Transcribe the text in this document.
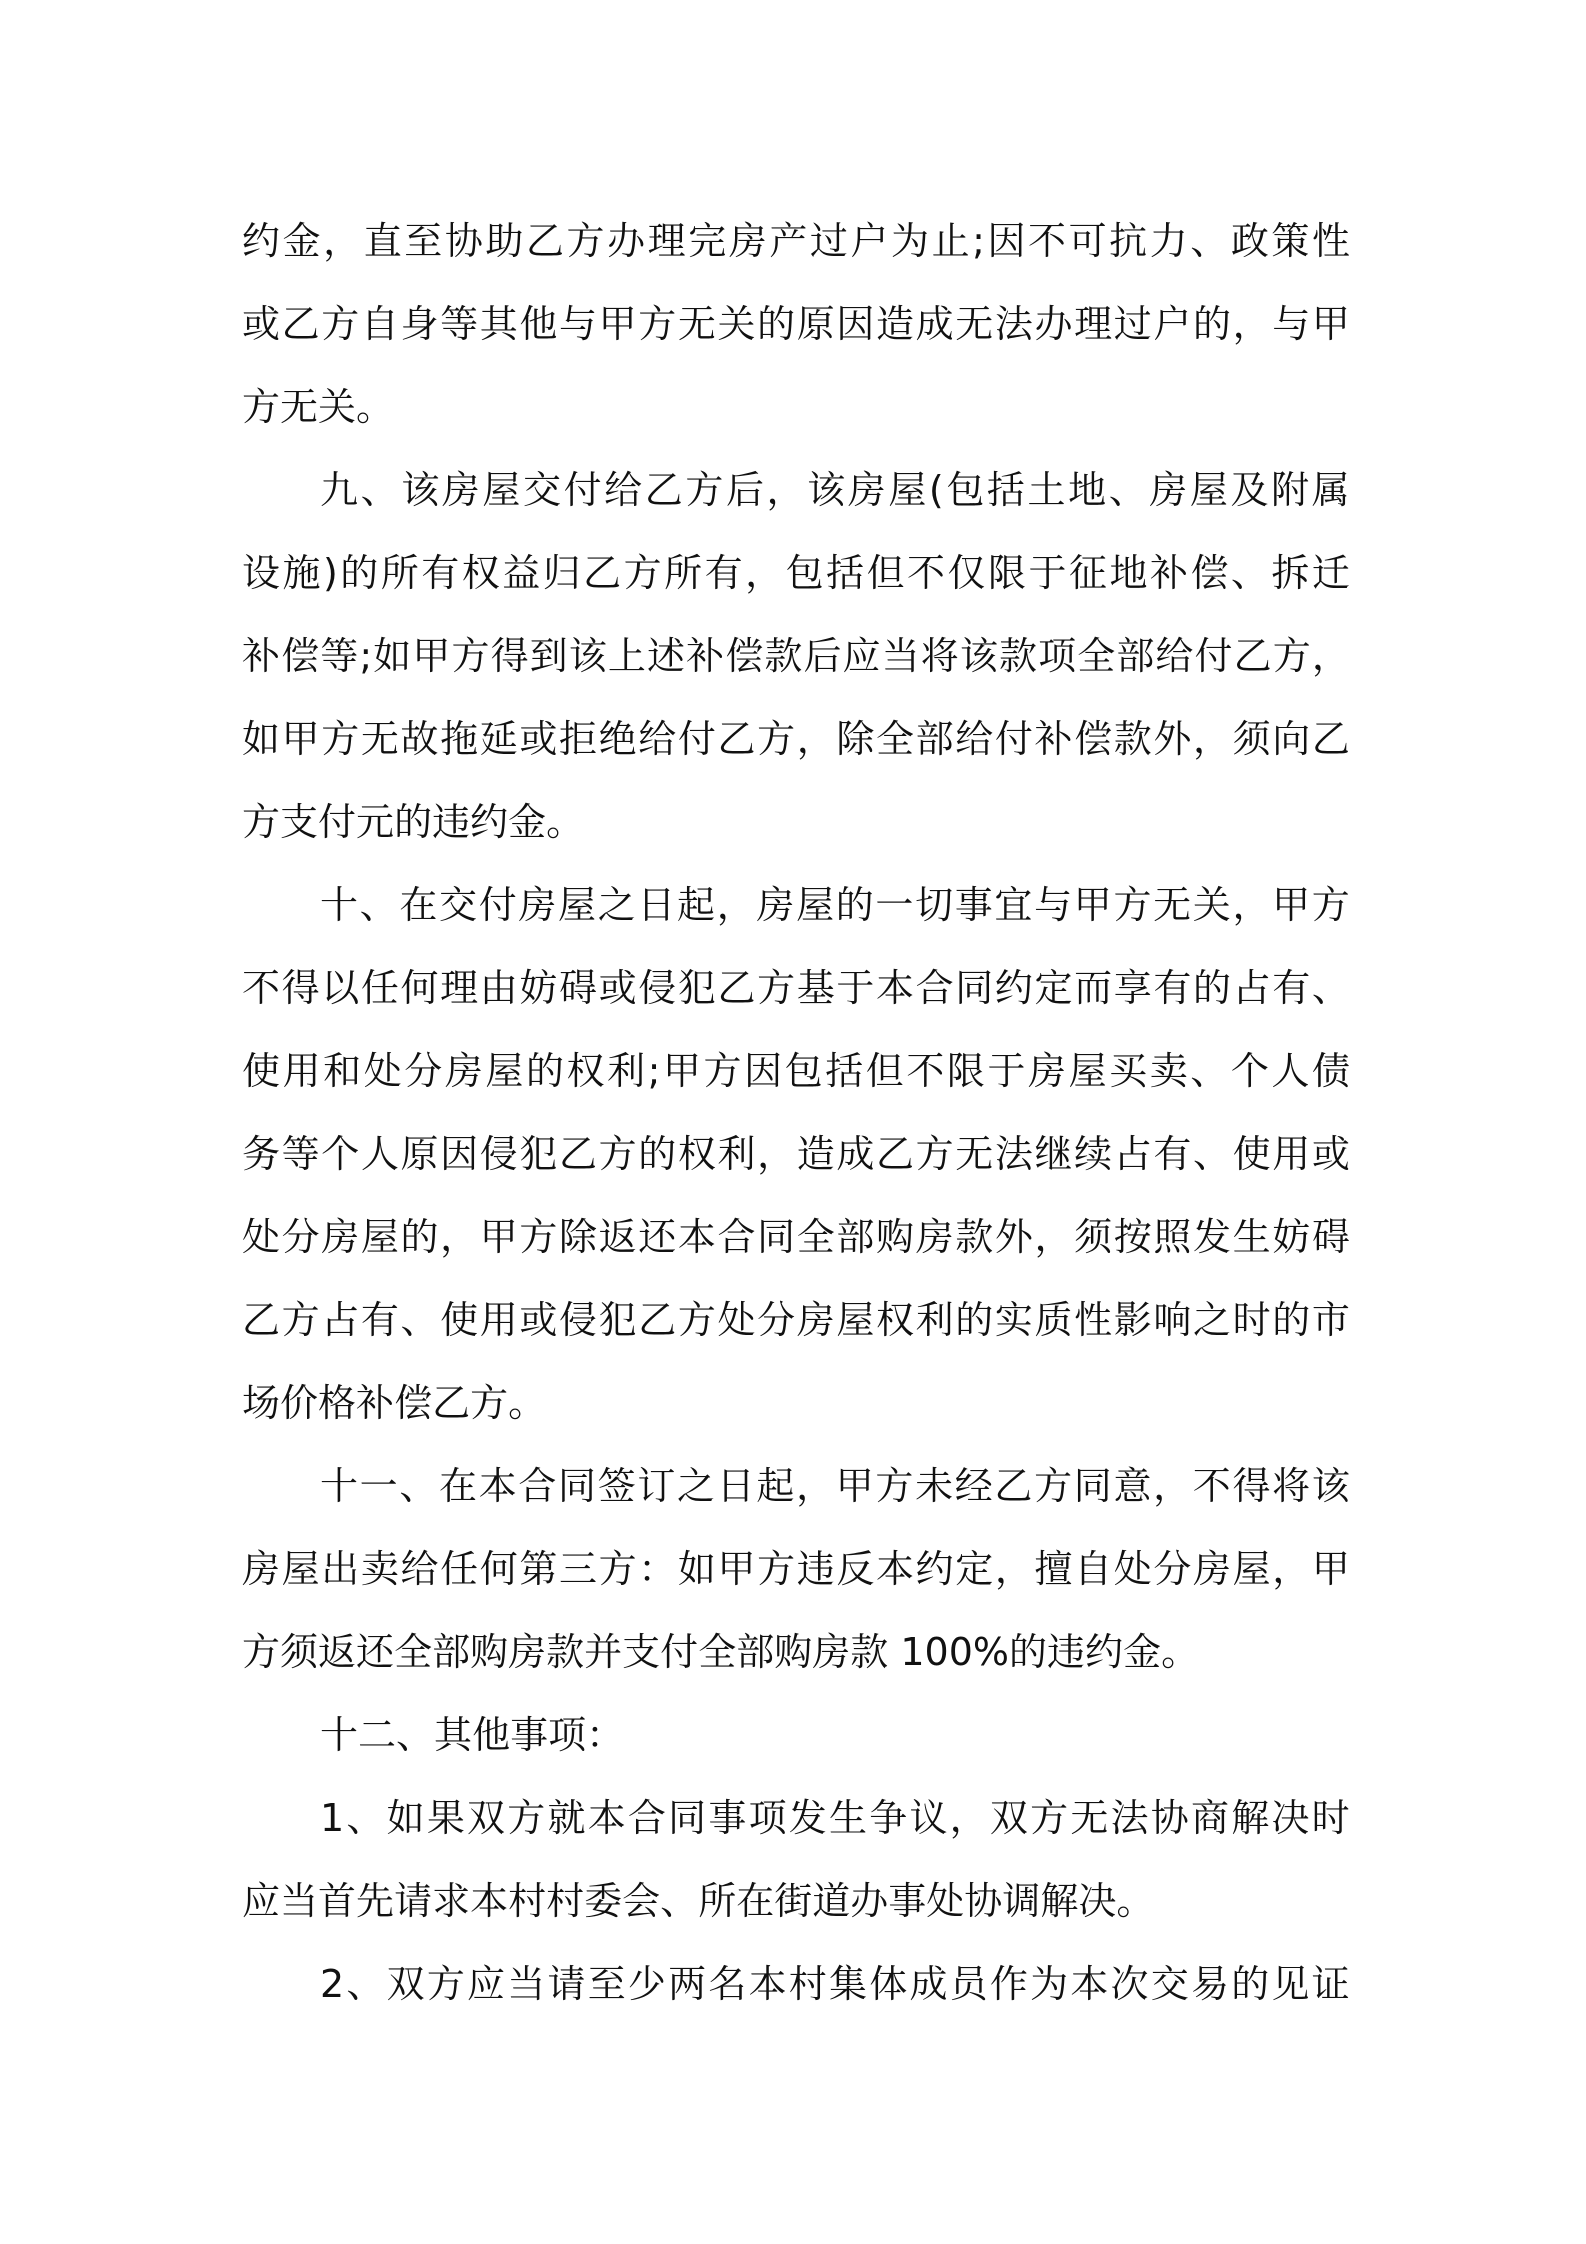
约 金 ， 直 至 协 助 乙 方 办 理 完 房 产 过 户 为 止 ; 因 不 可 抗 力 、 政 策 性
或 乙 方 自 身 等 其 他 与 甲 方 无 关 的 原 因 造 成 无 法 办 理 过 户 的 ， 与 甲
方 无 关 。
九 、 该 房 屋 交 付 给 乙 方 后 ， 该 房 屋 ( 包 括 土 地 、 房 屋 及 附 属
设 施 ) 的 所 有 权 益 归 乙 方 所 有 ， 包 括 但 不 仅 限 于 征 地 补 偿 、 拆 迁
补 偿 等 ; 如 甲 方 得 到 该 上 述 补 偿 款 后 应 当 将 该 款 项 全 部 给 付 乙 方 ，
如 甲 方 无 故 拖 延 或 拒 绝 给 付 乙 方 ， 除 全 部 给 付 补 偿 款 外 ， 须 向 乙
方 支 付 元 的 违 约 金 。
十 、 在 交 付 房 屋 之 日 起 ， 房 屋 的 一 切 事 宜 与 甲 方 无 关 ， 甲 方
不 得 以 任 何 理 由 妨 碍 或 侵 犯 乙 方 基 于 本 合 同 约 定 而 享 有 的 占 有 、
使 用 和 处 分 房 屋 的 权 利 ; 甲 方 因 包 括 但 不 限 于 房 屋 买 卖 、 个 人 债
务 等 个 人 原 因 侵 犯 乙 方 的 权 利 ， 造 成 乙 方 无 法 继 续 占 有 、 使 用 或
处 分 房 屋 的 ， 甲 方 除 返 还 本 合 同 全 部 购 房 款 外 ， 须 按 照 发 生 妨 碍
乙 方 占 有 、 使 用 或 侵 犯 乙 方 处 分 房 屋 权 利 的 实 质 性 影 响 之 时 的 市
场 价 格 补 偿 乙 方 。
十 一 、 在 本 合 同 签 订 之 日 起 ， 甲 方 未 经 乙 方 同 意 ， 不 得 将 该
房 屋 出 卖 给 任 何 第 三 方 ： 如 甲 方 违 反 本 约 定 ， 擅 自 处 分 房 屋 ， 甲
方 须 返 还 全 部 购 房 款 并 支 付 全 部 购 房 款
1 0 0 % 的 违 约 金 。
十 二 、 其 他 事 项 ：
1 、 如 果 双 方 就 本 合 同 事 项 发 生 争 议 ， 双 方 无 法 协 商 解 决 时
应 当 首 先 请 求 本 村 村 委 会 、 所 在 街 道 办 事 处 协 调 解 决 。
2 、 双 方 应 当 请 至 少 两 名 本 村 集 体 成 员 作 为 本 次 交 易 的 见 证
